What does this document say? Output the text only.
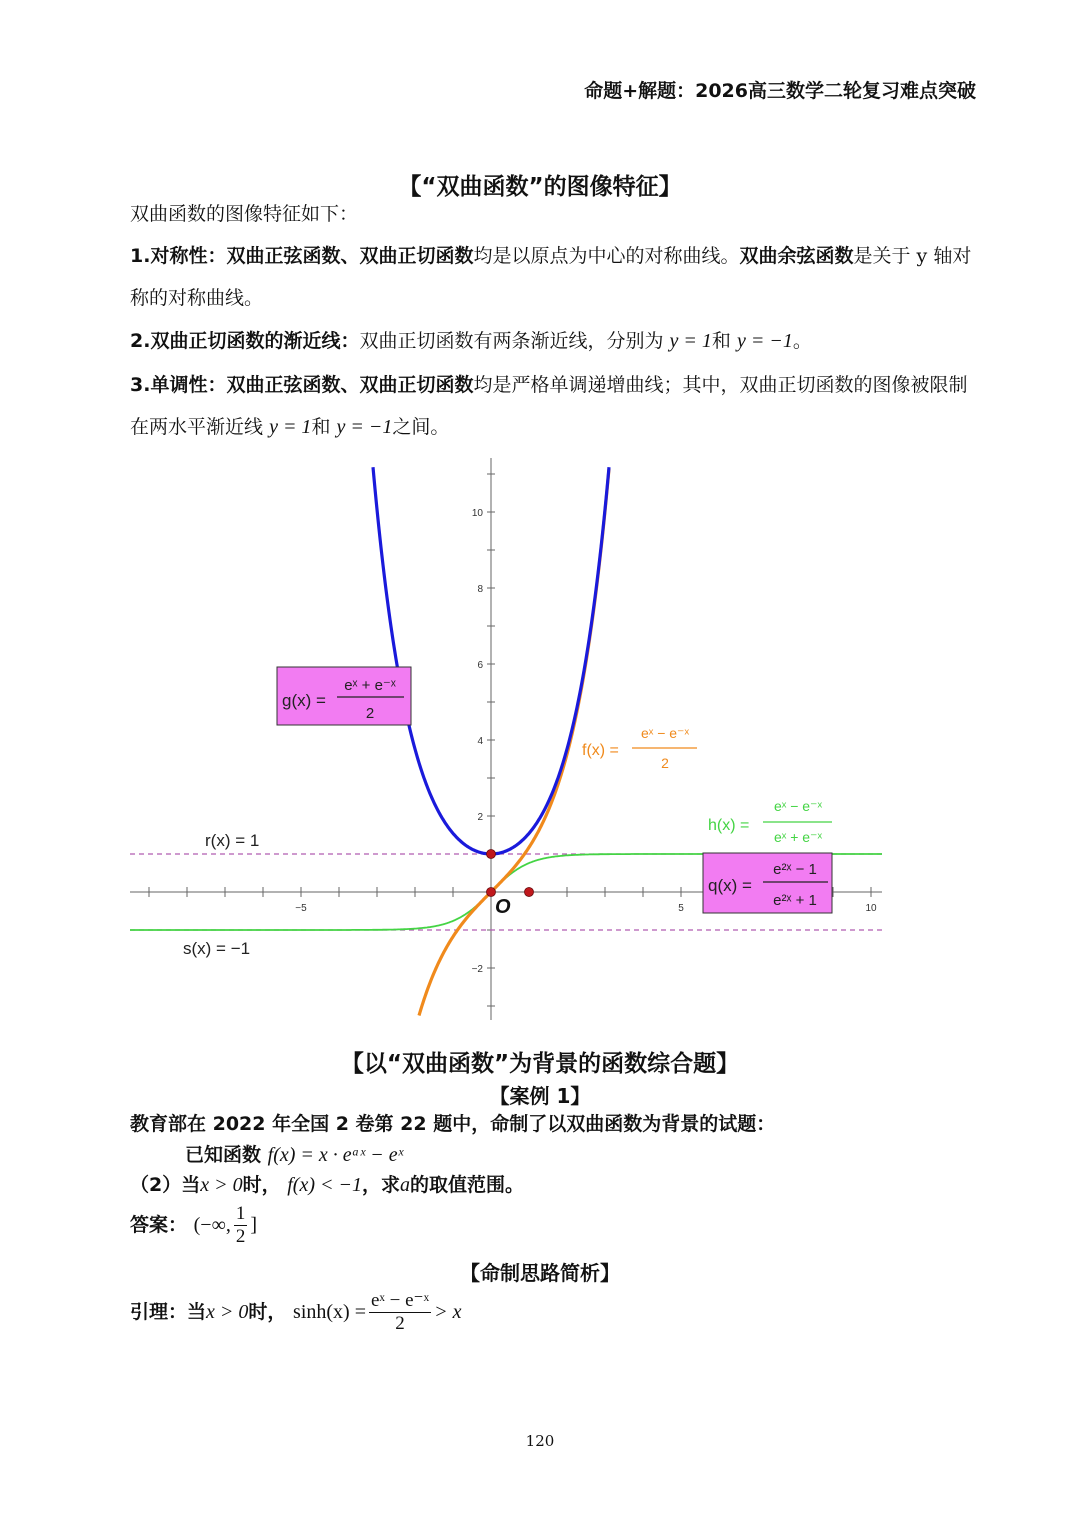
命题+解题：2026高三数学二轮复习难点突破
【“双曲函数”的图像特征】
双曲函数的图像特征如下：
1.对称性：双曲正弦函数、双曲正切函数均是以原点为中心的对称曲线。双曲余弦函数是关于 y 轴对称的对称曲线。
2.双曲正切函数的渐近线：双曲正切函数有两条渐近线，分别为 y = 1和 y = −1。
3.单调性：双曲正弦函数、双曲正切函数均是严格单调递增曲线；其中，双曲正切函数的图像被限制在两水平渐近线 y = 1和 y = −1之间。
−5	5	10
−2
2
4
6
8
10
g(x) =
eˣ + e⁻ˣ
2
f(x) =
eˣ − e⁻ˣ
2
h(x) =
eˣ − e⁻ˣ
eˣ + e⁻ˣ
q(x) =
e²ˣ − 1
e²ˣ + 1
r(x) = 1
s(x) = −1
O
【以“双曲函数”为背景的函数综合题】
【案例 1】
教育部在 2022 年全国 2 卷第 22 题中，命制了以双曲函数为背景的试题：
已知函数 f(x) = x · eᵃˣ − eˣ
（2）当x > 0时， f(x) < −1，求a的取值范围。
答案： (−∞, $\frac{1}{2}$ ]
【命制思路简析】
引理：当x > 0时， $\sinh(x) = \frac{\text{eˣ − e⁻ˣ}}{2} > x$
120
